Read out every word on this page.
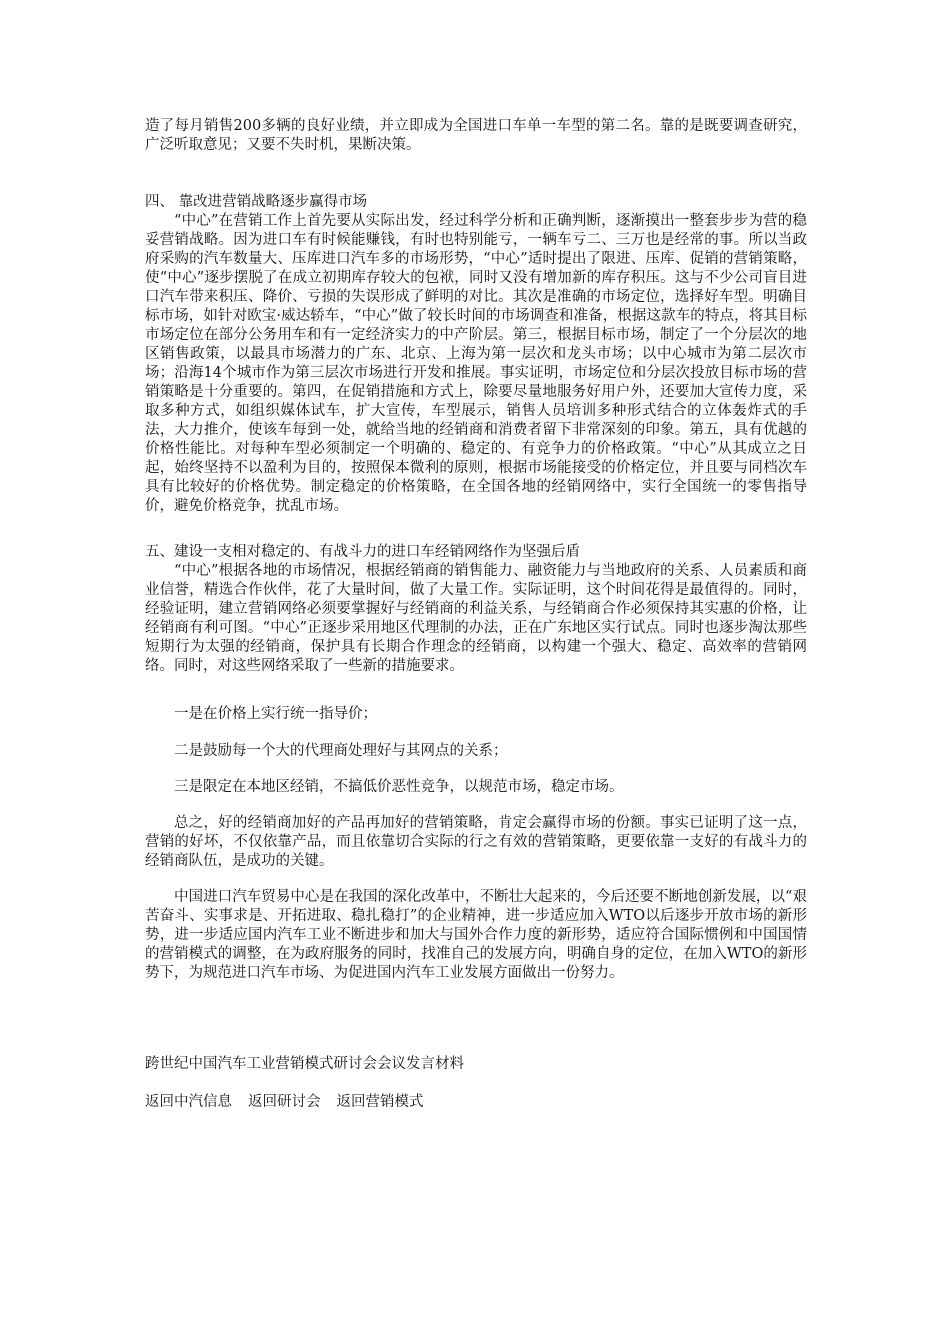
造了每月销售200多辆的良好业绩，并立即成为全国进口车单一车型的第二名。靠的是既要调查研究，广泛听取意见；又要不失时机，果断决策。

四、 靠改进营销战略逐步赢得市场

“中心”在营销工作上首先要从实际出发，经过科学分析和正确判断，逐渐摸出一整套步步为营的稳妥营销战略。因为进口车有时候能赚钱，有时也特别能亏，一辆车亏二、三万也是经常的事。所以当政府采购的汽车数量大、压库进口汽车多的市场形势，“中心”适时提出了限进、压库、促销的营销策略，使“中心”逐步摆脱了在成立初期库存较大的包袱，同时又没有增加新的库存积压。这与不少公司盲目进口汽车带来积压、降价、亏损的失误形成了鲜明的对比。其次是准确的市场定位，选择好车型。明确目标市场，如针对欧宝·威达轿车，“中心”做了较长时间的市场调查和准备，根据这款车的特点，将其目标市场定位在部分公务用车和有一定经济实力的中产阶层。第三，根据目标市场，制定了一个分层次的地区销售政策，以最具市场潜力的广东、北京、上海为第一层次和龙头市场；以中心城市为第二层次市场；沿海14个城市作为第三层次市场进行开发和推展。事实证明，市场定位和分层次投放目标市场的营销策略是十分重要的。第四，在促销措施和方式上，除要尽量地服务好用户外，还要加大宣传力度，采取多种方式，如组织媒体试车，扩大宣传，车型展示，销售人员培训多种形式结合的立体轰炸式的手法，大力推介，使该车每到一处，就给当地的经销商和消费者留下非常深刻的印象。第五，具有优越的价格性能比。对每种车型必须制定一个明确的、稳定的、有竞争力的价格政策。“中心”从其成立之日起，始终坚持不以盈利为目的，按照保本微利的原则，根据市场能接受的价格定位，并且要与同档次车具有比较好的价格优势。制定稳定的价格策略，在全国各地的经销网络中，实行全国统一的零售指导价，避免价格竞争，扰乱市场。

五、建设一支相对稳定的、有战斗力的进口车经销网络作为坚强后盾

“中心”根据各地的市场情况，根据经销商的销售能力、融资能力与当地政府的关系、人员素质和商业信誉，精选合作伙伴，花了大量时间，做了大量工作。实际证明，这个时间花得是最值得的。同时，经验证明，建立营销网络必须要掌握好与经销商的利益关系，与经销商合作必须保持其实惠的价格，让经销商有利可图。“中心”正逐步采用地区代理制的办法，正在广东地区实行试点。同时也逐步淘汰那些短期行为太强的经销商，保护具有长期合作理念的经销商，以构建一个强大、稳定、高效率的营销网络。同时，对这些网络采取了一些新的措施要求。

一是在价格上实行统一指导价；

二是鼓励每一个大的代理商处理好与其网点的关系；

三是限定在本地区经销，不搞低价恶性竞争，以规范市场，稳定市场。

总之，好的经销商加好的产品再加好的营销策略，肯定会赢得市场的份额。事实已证明了这一点，营销的好坏，不仅依靠产品，而且依靠切合实际的行之有效的营销策略，更要依靠一支好的有战斗力的经销商队伍，是成功的关键。

中国进口汽车贸易中心是在我国的深化改革中，不断壮大起来的，今后还要不断地创新发展，以“艰苦奋斗、实事求是、开拓进取、稳扎稳打”的企业精神，进一步适应加入WTO以后逐步开放市场的新形势，进一步适应国内汽车工业不断进步和加大与国外合作力度的新形势，适应符合国际惯例和中国国情的营销模式的调整，在为政府服务的同时，找准自己的发展方向，明确自身的定位，在加入WTO的新形势下，为规范进口汽车市场、为促进国内汽车工业发展方面做出一份努力。

跨世纪中国汽车工业营销模式研讨会会议发言材料

返回中汽信息 返回研讨会 返回营销模式
